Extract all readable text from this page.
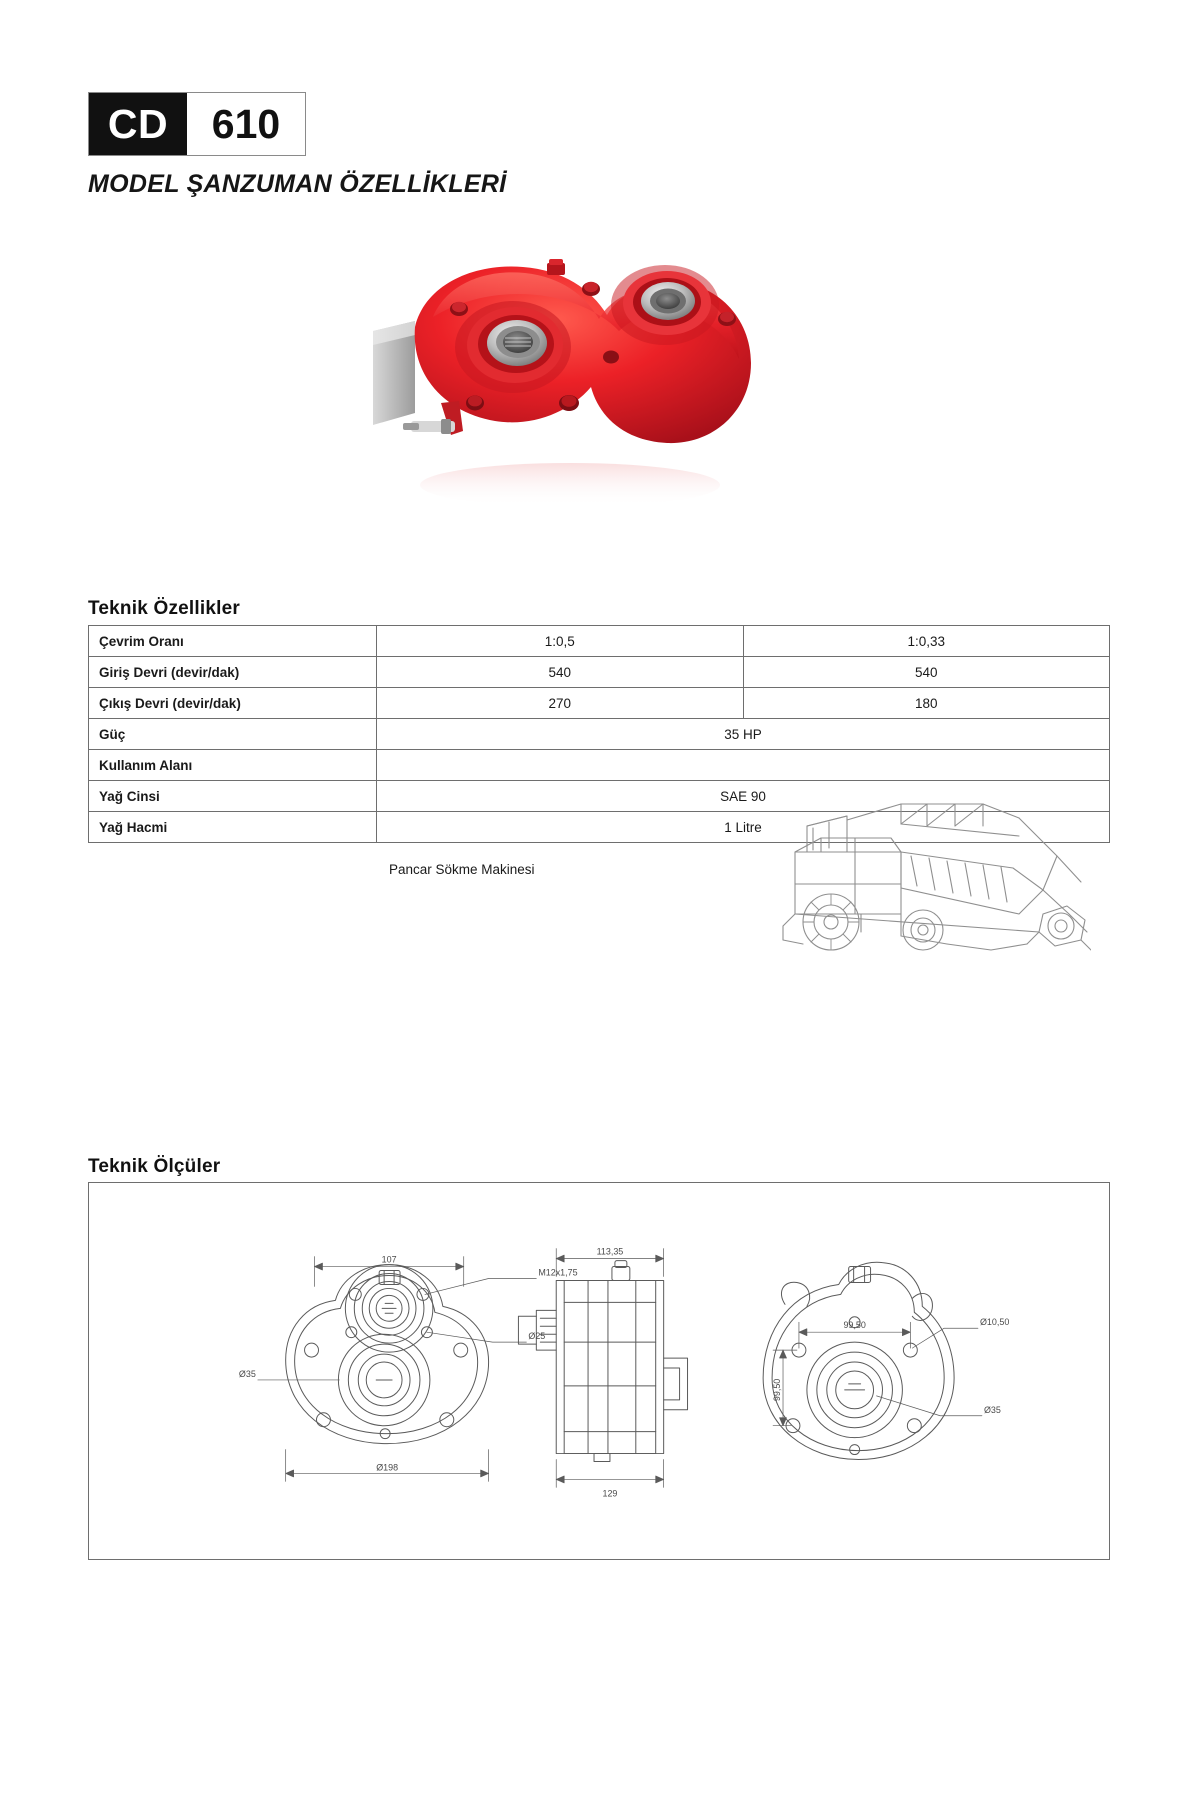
CD	610
MODEL ŞANZUMAN ÖZELLİKLERİ
Teknik Özellikler
Çevrim Oranı	1:0,5	1:0,33
Giriş Devri (devir/dak)	540	540
Çıkış Devri (devir/dak)	270	180
Güç	35 HP	
Kullanım Alanı	Pancar Sökme Makinesi	

Yağ Cinsi	SAE 90	
Yağ Hacmi	1 Litre	
Teknik Ölçüler
107
M12x1,75
Ø25
Ø35
Ø198
113,35
129
99,50
99,50
Ø10,50
Ø35
